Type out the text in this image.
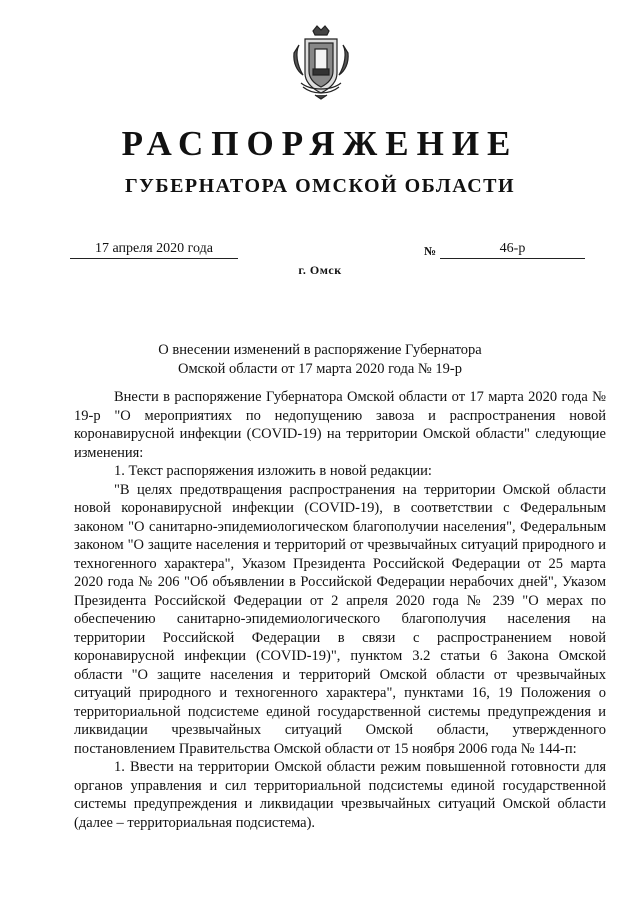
РАСПОРЯЖЕНИЕ
ГУБЕРНАТОРА ОМСКОЙ ОБЛАСТИ
17 апреля 2020 года	№	46-р
г. Омск
О внесении изменений в распоряжение Губернатора
Омской области от 17 марта 2020 года № 19-р

Внести в распоряжение Губернатора Омской области от 17 марта 2020 года № 19-р "О мероприятиях по недопущению завоза и распространения новой коронавирусной инфекции (COVID-19) на территории Омской области" следующие изменения:

1. Текст распоряжения изложить в новой редакции:

"В целях предотвращения распространения на территории Омской области новой коронавирусной инфекции (COVID-19), в соответствии с Федеральным законом "О санитарно-эпидемиологическом благополучии населения", Федеральным законом "О защите населения и территорий от чрезвычайных ситуаций природного и техногенного характера", Указом Президента Российской Федерации от 25 марта 2020 года № 206 "Об объявлении в Российской Федерации нерабочих дней", Указом Президента Российской Федерации от 2 апреля 2020 года № 239 "О мерах по обеспечению санитарно-эпидемиологического благополучия населения на территории Российской Федерации в связи с распространением новой коронавирусной инфекции (COVID-19)", пунктом 3.2 статьи 6 Закона Омской области "О защите населения и территорий Омской области от чрезвычайных ситуаций природного и техногенного характера", пунктами 16, 19 Положения о территориальной подсистеме единой государственной системы предупреждения и ликвидации чрезвычайных ситуаций Омской области, утвержденного постановлением Правительства Омской области от 15 ноября 2006 года № 144-п:

1. Ввести на территории Омской области режим повышенной готовности для органов управления и сил территориальной подсистемы единой государственной системы предупреждения и ликвидации чрезвычайных ситуаций Омской области (далее – территориальная подсистема).
